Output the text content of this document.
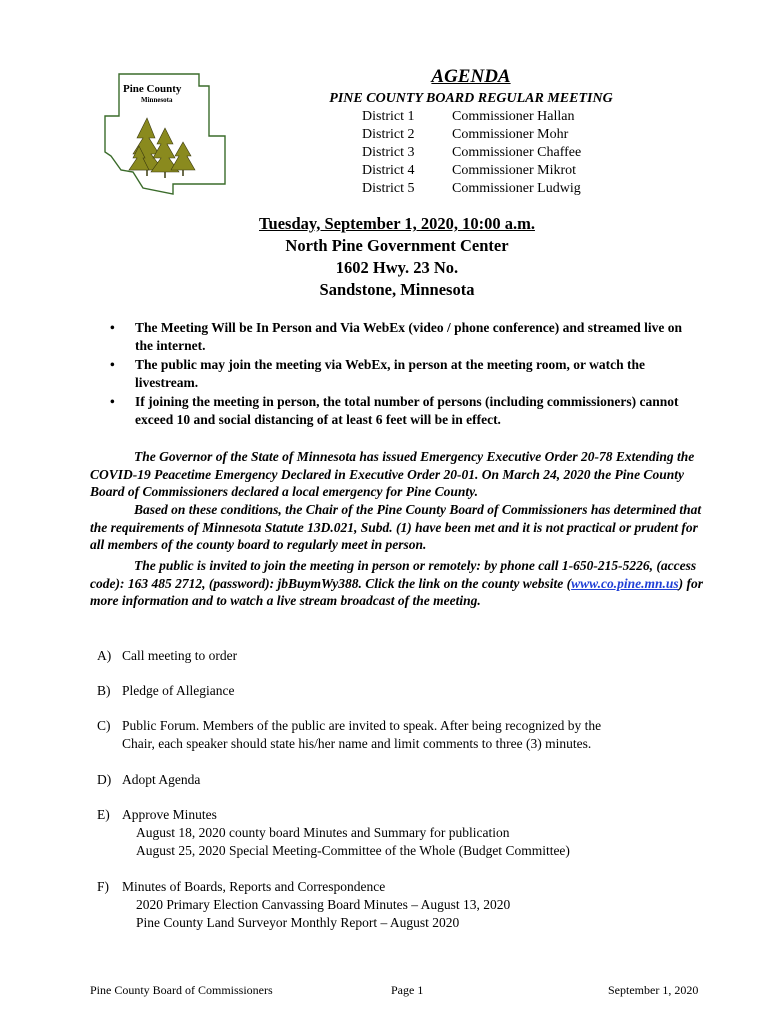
Pine County
Minnesota
AGENDA
PINE COUNTY BOARD REGULAR MEETING
District 1	Commissioner Hallan
District 2	Commissioner Mohr
District 3	Commissioner Chaffee
District 4	Commissioner Mikrot
District 5	Commissioner Ludwig
Tuesday, September 1, 2020, 10:00 a.m.
North Pine Government Center
1602 Hwy. 23 No.
Sandstone, Minnesota
•	The Meeting Will be In Person and Via WebEx (video / phone conference) and streamed live on the internet.
•	The public may join the meeting via WebEx, in person at the meeting room, or watch the livestream.
•	If joining the meeting in person, the total number of persons (including commissioners) cannot exceed 10 and social distancing of at least 6 feet will be in effect.
The Governor of the State of Minnesota has issued Emergency Executive Order 20-78 Extending the COVID-19 Peacetime Emergency Declared in Executive Order 20-01. On March 24, 2020 the Pine County Board of Commissioners declared a local emergency for Pine County.
Based on these conditions, the Chair of the Pine County Board of Commissioners has determined that the requirements of Minnesota Statute 13D.021, Subd. (1) have been met and it is not practical or prudent for all members of the county board to regularly meet in person.
The public is invited to join the meeting in person or remotely: by phone call 1-650-215-5226, (access code): 163 485 2712, (password): jbBuymWy388. Click the link on the county website (www.co.pine.mn.us) for more information and to watch a live stream broadcast of the meeting.
A) Call meeting to order
B) Pledge of Allegiance
C) Public Forum. Members of the public are invited to speak. After being recognized by the
Chair, each speaker should state his/her name and limit comments to three (3) minutes.
D) Adopt Agenda
E) Approve Minutes
August 18, 2020 county board Minutes and Summary for publication
August 25, 2020 Special Meeting-Committee of the Whole (Budget Committee)
F) Minutes of Boards, Reports and Correspondence
2020 Primary Election Canvassing Board Minutes – August 13, 2020
Pine County Land Surveyor Monthly Report – August 2020
Pine County Board of Commissioners	Page 1	September 1, 2020
